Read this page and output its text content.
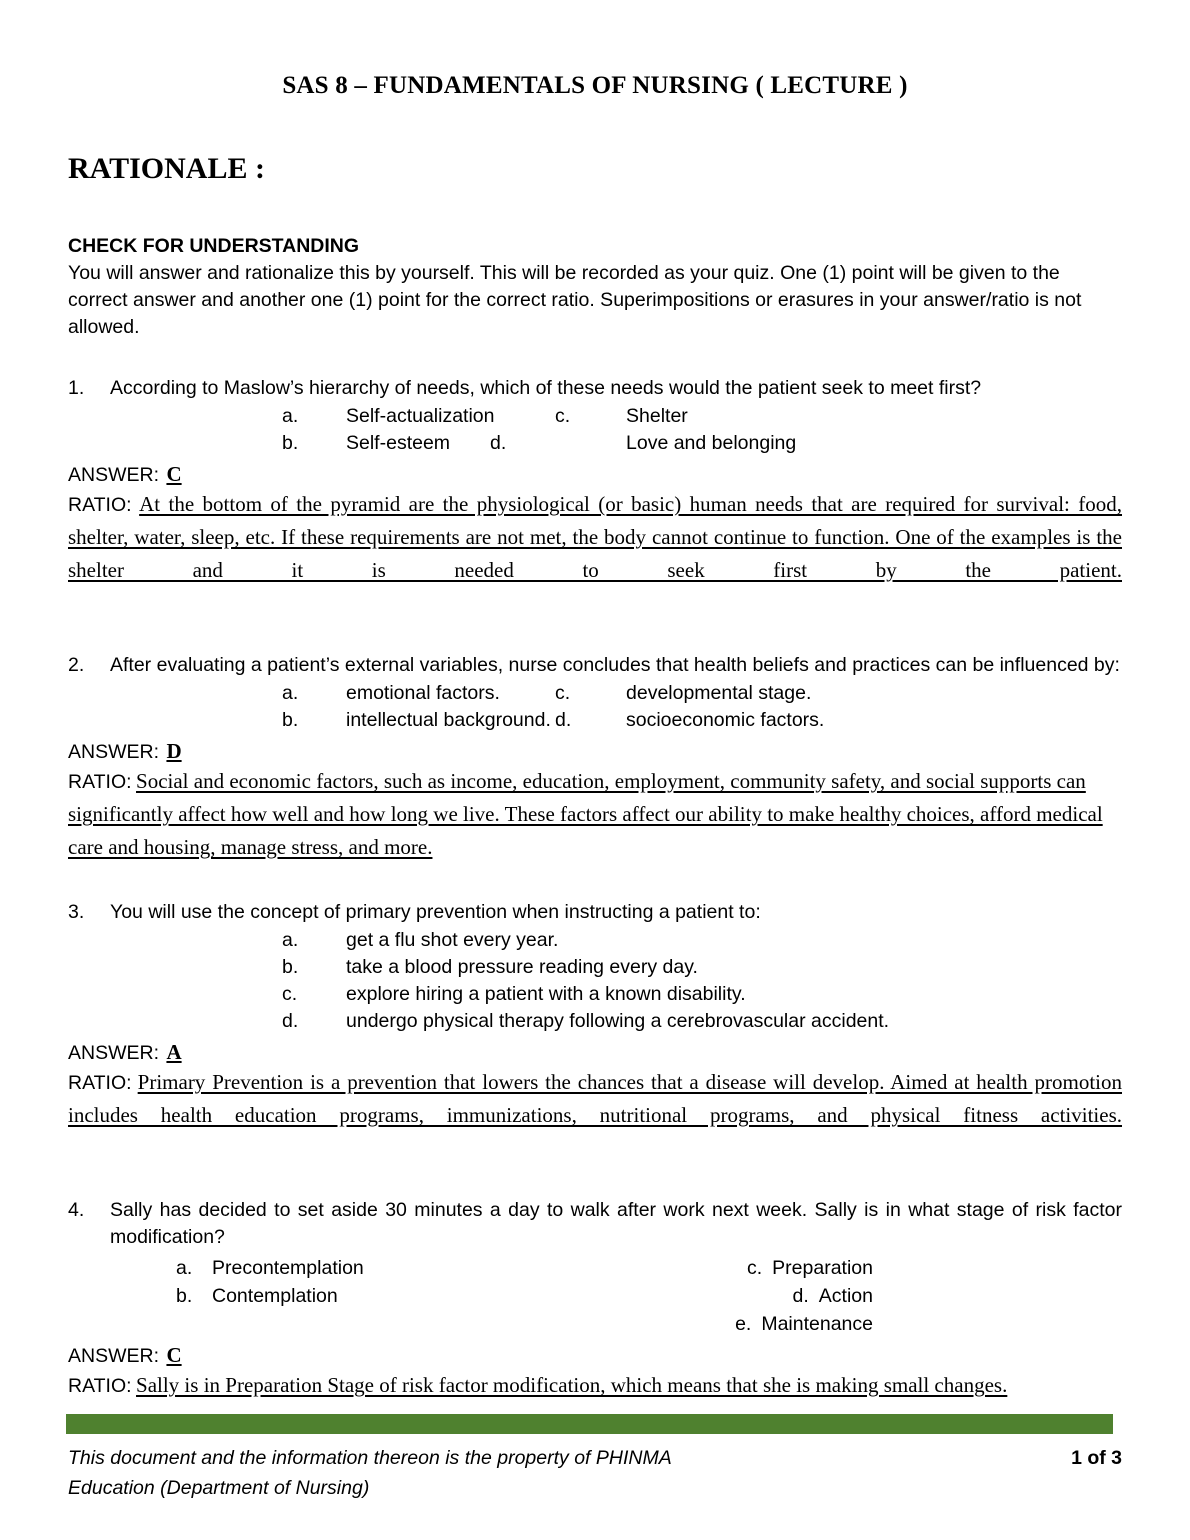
SAS 8 – FUNDAMENTALS OF NURSING ( LECTURE )
RATIONALE :
CHECK FOR UNDERSTANDING

You will answer and rationalize this by yourself. This will be recorded as your quiz. One (1) point will be given to the correct answer and another one (1) point for the correct ratio. Superimpositions or erasures in your answer/ratio is not allowed.

1.	According to Maslow’s hierarchy of needs, which of these needs would the patient seek to meet first?
a. Self-actualization	c.	Shelter
b. Self-esteem d.	Love and belonging
ANSWER: C
RATIO: At the bottom of the pyramid are the physiological (or basic) human needs that are required for survival: food, shelter, water, sleep, etc. If these requirements are not met, the body cannot continue to function. One of the examples is the shelter and it is needed to seek first by the patient.
2.	After evaluating a patient’s external variables, nurse concludes that health beliefs and practices can be influenced by:
a. emotional factors.	c.	developmental stage.
b. intellectual background. d.	socioeconomic factors.
ANSWER: D
RATIO: Social and economic factors, such as income, education, employment, community safety, and social supports can significantly affect how well and how long we live. These factors affect our ability to make healthy choices, afford medical care and housing, manage stress, and more.
3.	You will use the concept of primary prevention when instructing a patient to:
a. get a flu shot every year.
b. take a blood pressure reading every day.
c.	explore hiring a patient with a known disability.
d. undergo physical therapy following a cerebrovascular accident.
ANSWER: A
RATIO: Primary Prevention is a prevention that lowers the chances that a disease will develop. Aimed at health promotion includes health education programs, immunizations, nutritional programs, and physical fitness activities.
4.	Sally has decided to set aside 30 minutes a day to walk after work next week. Sally is in what stage of risk factor modification?
a. Precontemplation
b. Contemplation
c. Preparation
d. Action
e. Maintenance
ANSWER: C
RATIO: Sally is in Preparation Stage of risk factor modification, which means that she is making small changes.
This document and the information thereon is the property of PHINMA
Education (Department of Nursing)
1 of 3
